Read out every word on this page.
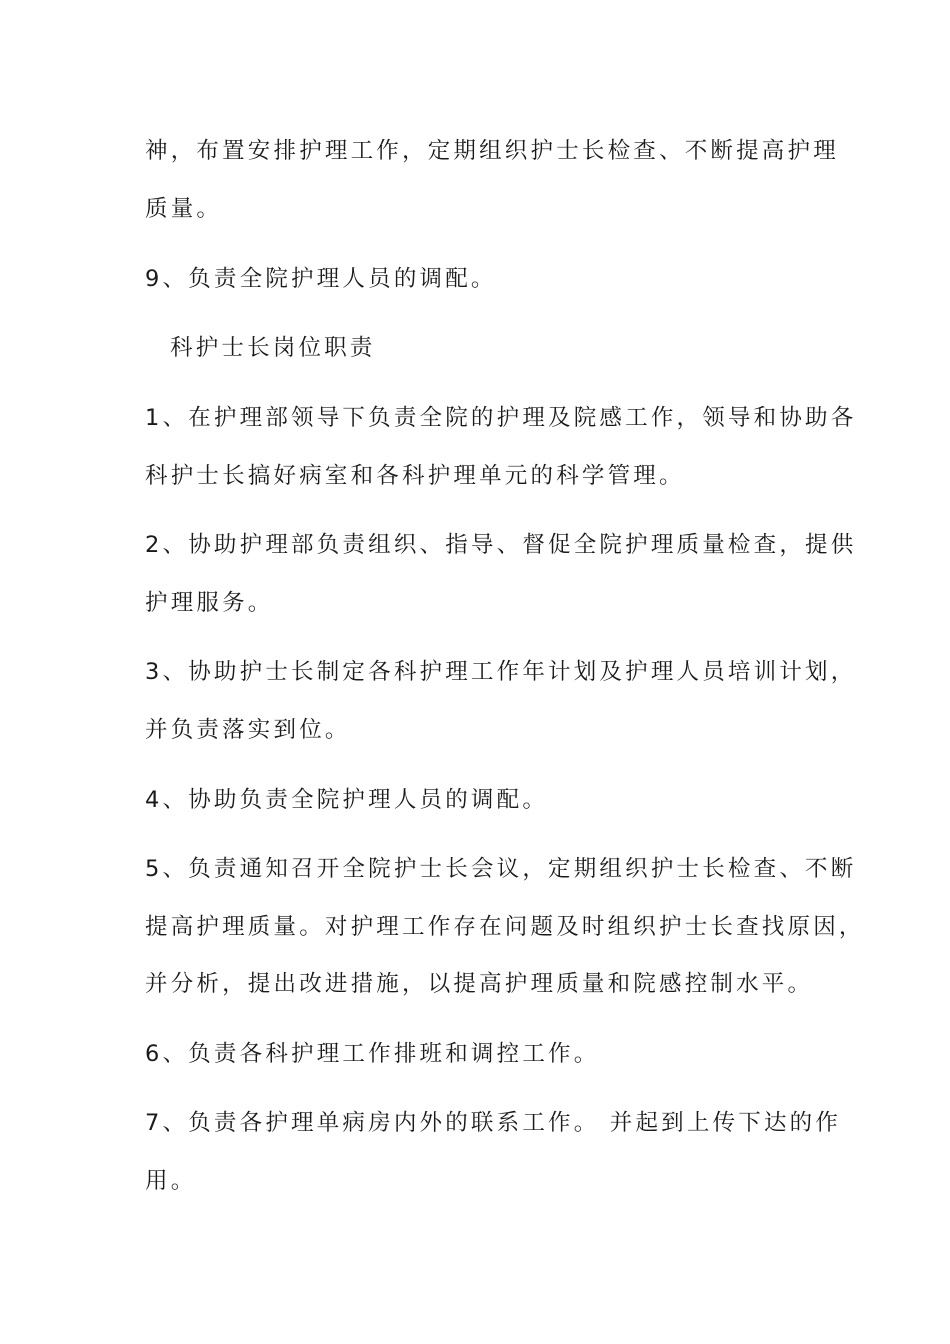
神，布置安排护理工作，定期组织护士长检查、不断提高护理
质量。
9、负责全院护理人员的调配。
科护士长岗位职责
1、在护理部领导下负责全院的护理及院感工作，领导和协助各
科护士长搞好病室和各科护理单元的科学管理。
2、协助护理部负责组织、指导、督促全院护理质量检查，提供
护理服务。
3、协助护士长制定各科护理工作年计划及护理人员培训计划，
并负责落实到位。
4、协助负责全院护理人员的调配。
5、负责通知召开全院护士长会议，定期组织护士长检查、不断
提高护理质量。对护理工作存在问题及时组织护士长查找原因，
并分析，提出改进措施，以提高护理质量和院感控制水平。
6、负责各科护理工作排班和调控工作。
7、负责各护理单病房内外的联系工作。 并起到上传下达的作
用。
